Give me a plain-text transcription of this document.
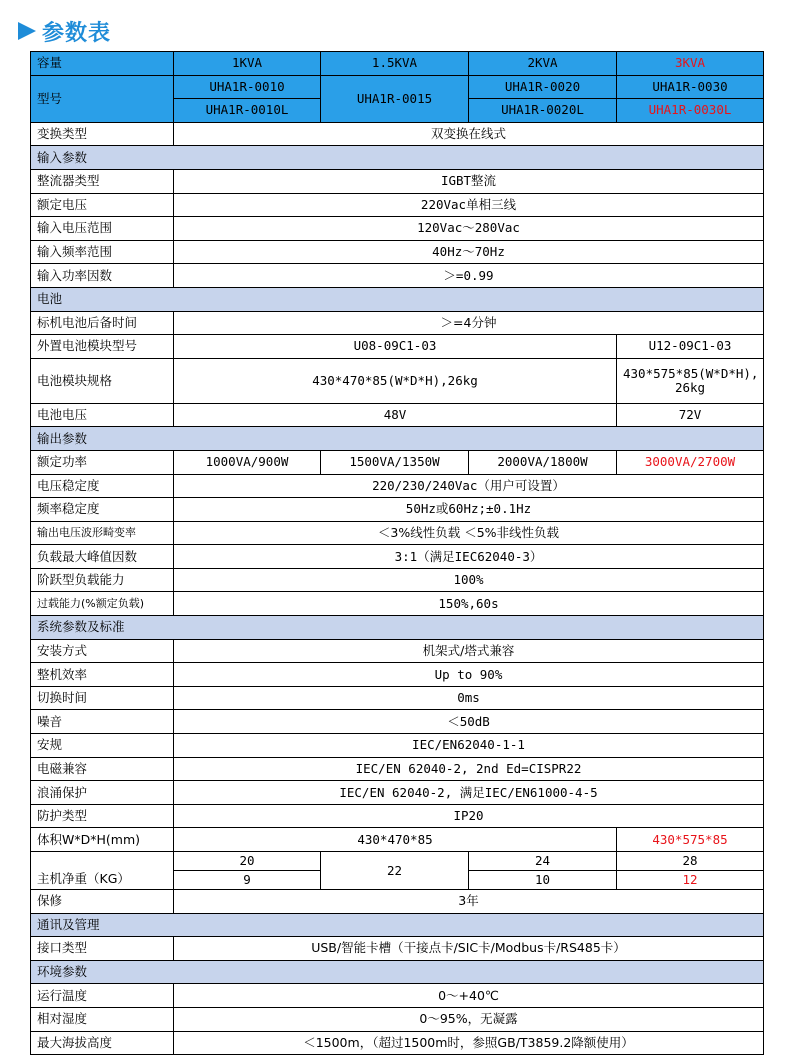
参数表
容量	1KVA	1.5KVA	2KVA	3KVA
型号	UHA1R-0010	UHA1R-0015	UHA1R-0020	UHA1R-0030
	UHA1R-0010L		UHA1R-0020L	UHA1R-0030L
变换类型	双变换在线式			
输入参数				
整流器类型	IGBT整流			
额定电压	220Vac单相三线			
输入电压范围	120Vac～280Vac			
输入频率范围	40Hz～70Hz			
输入功率因数	＞=0.99			
电池				
标机电池后备时间	＞=4分钟			
外置电池模块型号	U08-09C1-03			U12-09C1-03
电池模块规格	430*470*85(W*D*H),26kg			430*575*85(W*D*H),
26kg
电池电压	48V			72V
输出参数				
额定功率	1000VA/900W	1500VA/1350W	2000VA/1800W	3000VA/2700W
电压稳定度	220/230/240Vac（用户可设置）			
频率稳定度	50Hz或60Hz;±0.1Hz			
输出电压波形畸变率	＜3%线性负载 ＜5%非线性负载			
负载最大峰值因数	3:1（满足IEC62040-3）			
阶跃型负载能力	100%			
过载能力(%额定负载)	150%,60s			
系统参数及标准				
安装方式	机架式/塔式兼容			
整机效率	Up to 90%			
切换时间	0ms			
噪音	＜50dB			
安规	IEC/EN62040-1-1			
电磁兼容	IEC/EN 62040-2, 2nd Ed=CISPR22			
浪涌保护	IEC/EN 62040-2, 满足IEC/EN61000-4-5			
防护类型	IP20			
体积W*D*H(mm)	430*470*85			430*575*85
主机净重（KG）	20	22	24	28
	9		10	12
保修	3年			
通讯及管理				
接口类型	USB/智能卡槽（干接点卡/SIC卡/Modbus卡/RS485卡）			
环境参数				
运行温度	0～+40℃			
相对湿度	0～95%，无凝露			
最大海拔高度	＜1500m，（超过1500m时，参照GB/T3859.2降额使用）			
